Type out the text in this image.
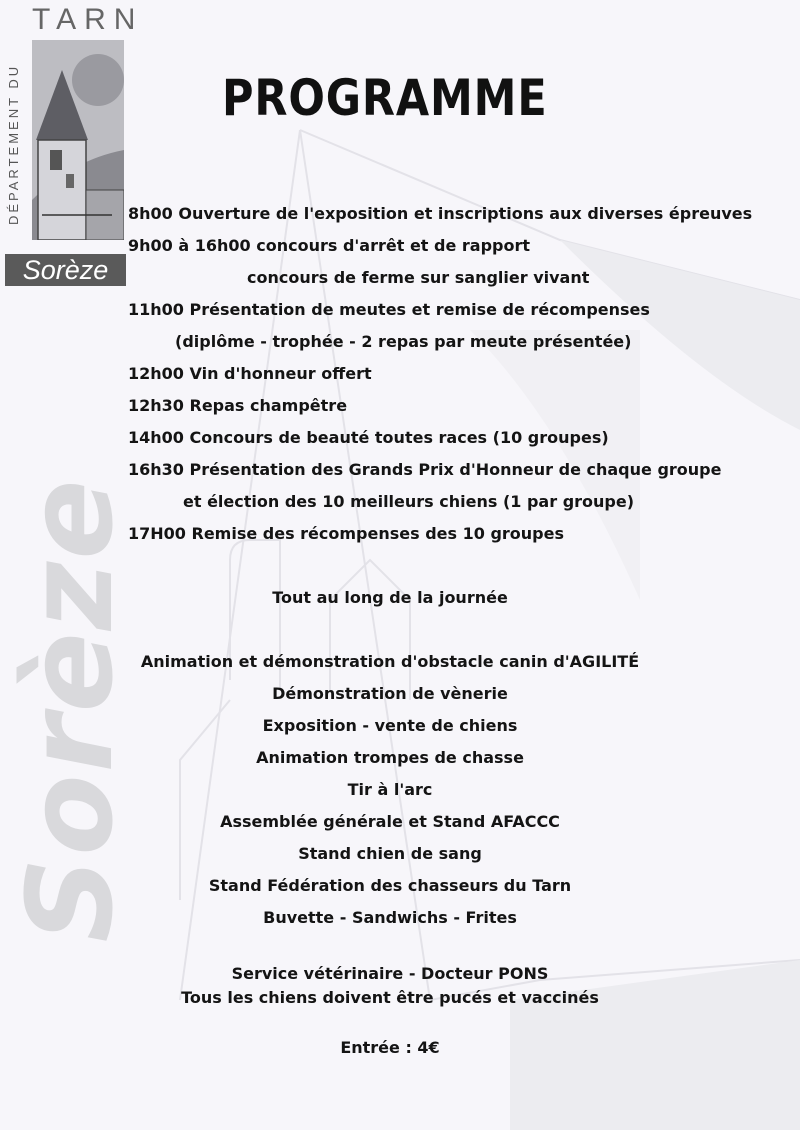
TARN
DÉPARTEMENT DU
Sorèze
Sorèze
PROGRAMME
8h00 Ouverture de l'exposition et inscriptions aux diverses épreuves
9h00 à 16h00 concours d'arrêt et de rapport
concours de ferme sur sanglier vivant
11h00 Présentation de meutes et remise de récompenses
(diplôme - trophée - 2 repas par meute présentée)
12h00 Vin d'honneur offert
12h30 Repas champêtre
14h00 Concours de beauté toutes races (10 groupes)
16h30 Présentation des Grands Prix d'Honneur de chaque groupe
et élection des 10 meilleurs chiens (1 par groupe)
17H00 Remise des récompenses des 10 groupes
Tout au long de la journée
Animation et démonstration d'obstacle canin d'AGILITÉ
Démonstration de vènerie
Exposition - vente de chiens
Animation trompes de chasse
Tir à l'arc
Assemblée générale et Stand AFACCC
Stand chien de sang
Stand Fédération des chasseurs du Tarn
Buvette - Sandwichs - Frites
Service vétérinaire - Docteur PONS
Tous les chiens doivent être pucés et vaccinés
Entrée : 4€
